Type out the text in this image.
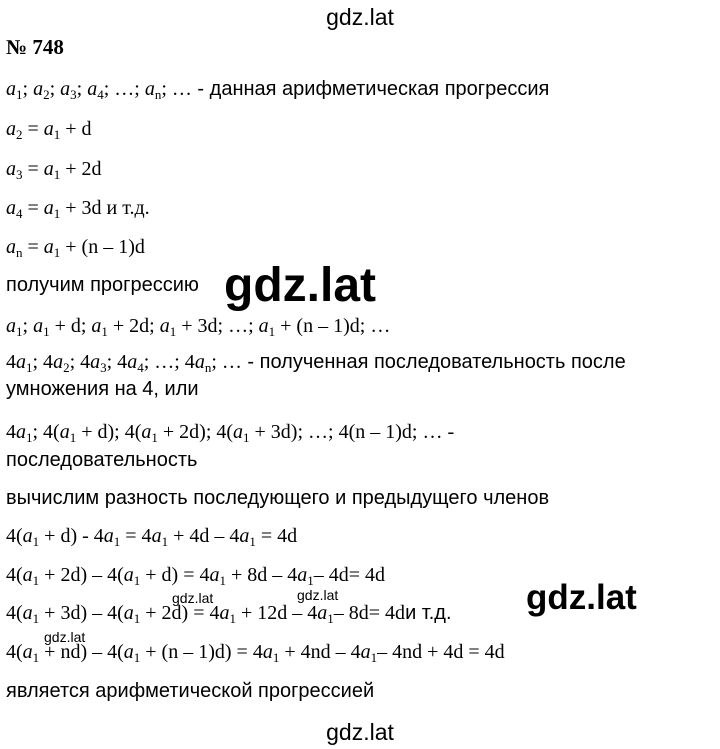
gdz.lat
№ 748
$a_1$; $a_2$; $a_3$; $a_4$; …; $a_n$; … - данная арифметическая прогрессия
$a_2 = a_1 + d$
$a_3 = a_1 + 2d$
$a_4 = a_1 + 3d$ и т.д.
$a_n = a_1 + (n - 1)d$
получим прогрессию
$a_1$; $a_1 + d$; $a_1 + 2d$; $a_1 + 3d$; …; $a_1 + (n - 1)d$; …
$4a_1$; $4a_2$; $4a_3$; $4a_4$; …; $4a_n$; … - полученная последовательность после
умножения на 4, или
$4a_1$; $4(a_1 + d)$; $4(a_1 + 2d)$; $4(a_1 + 3d)$; …; 4(n – 1)d; … -
последовательность
вычислим разность последующего и предыдущего членов
$4(a_1 + d) - 4a_1 = 4a_1 + 4d - 4a_1 = 4d$
$4(a_1 + 2d) - 4(a_1 + d) = 4a_1 + 8d - 4a_1-$ 4d= 4d
$4(a_1 + 3d) - 4(a_1 + 2d) = 4a_1 + 12d - 4a_1-$ 8d= 4dи т.д.
$4(a_1 + nd) - 4(a_1 + (n - 1)d) = 4a_1 + 4nd - 4a_1-$ 4nd + 4d = 4d
является арифметической прогрессией
gdz.lat
gdz.lat
gdz.lat	gdz.lat
gdz.lat
gdz.lat
